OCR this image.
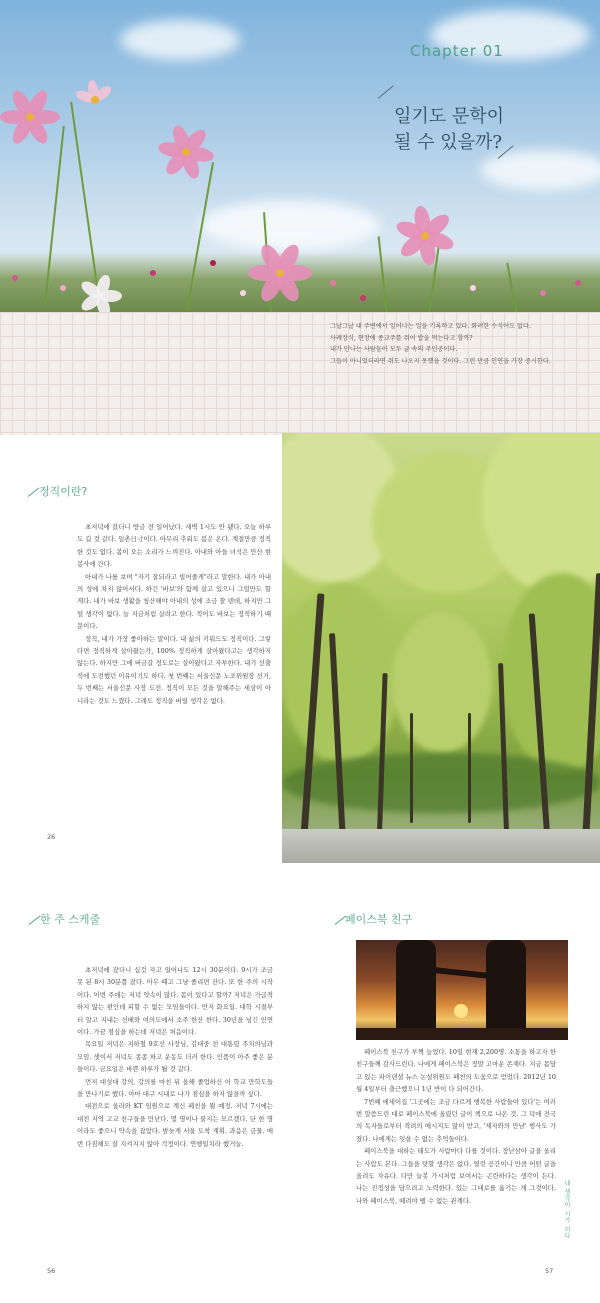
Chapter 01
일기도 문학이
될 수 있을까?
그날그날 내 주변에서 일어나는 일을 기록하고 있다. 화려한 수식어도 없다.
사례장식, 현장에 종교주를 쥐어 밥을 먹는다고 할까?
내가 만나는 사람들이 모두 글 속의 주인공이다.
그들이 아니었더라면 쥐도 나오지 못했을 것이다. 그런 만큼 인연을 가장 중시한다.
정직이란?

초저녁에 잤더니 방금 전 일어났다. 새벽 1시도 안 됐다. 오늘 하루도 길 것 같다. 일촌日寸이다. 아무리 추워도 봄은 온다. 계절만큼 정직한 것도 없다. 봄이 오는 소리가 느껴진다. 아내와 아들 녀석은 안산 현봉사에 간다.

아내가 나를 보며 "자기 잘되라고 빌어줄게"라고 말한다. 내가 아내의 성에 차지 않아서다. 하긴 '바보'와 함께 살고 있으니 그럴만도 할 게다. 내가 바보 생활을 청산해야 아내의 성에 조금 찰 텐데, 하지만 그럴 생각이 없다. 늘 지금처럼 살려고 한다. 적어도 바보는 정직하기 때문이다.

정직, 내가 가장 좋아하는 말이다. 내 삶의 키워드도 정직이다. 그렇다면 정직하게 살아왔는가, 100% 정직하게 살아왔다고는 생각하지 않는다. 하지만 그에 버금갈 정도로는 살아왔다고 자부한다. 내가 선출직에 도전했던 이유이기도 하다. 첫 번째는 서울신문 노조위원장 선거, 두 번째는 서울신문 사장 도전. 정직이 모든 것을 말해주는 세상이 아니라는 것도 느꼈다. 그래도 정직을 버릴 생각은 없다.

26
한 주 스케줄

초저녁에 잤더니 십것 자고 일어나도 12시 30분이다. 9시가 조금 못 된 8시 30분쯤 잤다. 아무 때고 그냥 졸리면 잔다. 또 한 주의 시작이다. 이번 주에는 저녁 약속이 많다. 몸이 있다고 할까? 저녁은 가급적 하지 않는 편인데 피할 수 없는 모임들이다. 먼저 화요일. 대학 시절부터 알고 지내는 선배와 여의도에서 소주 한잔 한다. 30년을 넘긴 인연이다. 가끔 점심을 하는데 저녁은 처음이다.

목요일 저녁은 지하철 9호선 사장님, 김대중 전 대통령 주치의님과 모임. 셋이서 저녁도 종종 하고 운동도 더러 한다. 인품이 아주 좋은 분들이다. 금요일은 바쁜 하루가 될 것 같다.

먼저 대성대 강의, 강의를 마친 뒤 올해 졸업하신 이 학교 만학도들을 만나기로 했다. 아마 대구 시내로 나가 점심을 하지 않을까 싶다.

대전으로 올라와 KT 임원으로 계신 페친을 뵐 예정. 저녁 7시에는 대전 지역 고교 친구들을 만난다. 몇 명이나 불지는 모르겠다. 단 한 명이라도 좋으니 약속을 잡았다. 밤늦게 서울 도착 계획. 과음은 금물. 매번 다짐해도 잘 지켜지지 않아 걱정이다. 연행일치라 했거늘.

56
페이스북 친구

페이스북 친구가 부쩍 늘었다. 10일 현재 2,200명. 소통을 하고자 한 친구들께 감사드린다. 나에게 페이스북은 정말 고마운 존재다. 지금 몸담고 있는 파이낸셜 뉴스 논설위원도 페친의 도움으로 얻었다. 2012년 10월 4일부터 출근했으니 1년 반이 다 되어간다.

7번째 에세이집 '그곳에는 조금 다르게 행복한 사람들이 있다'는 여러 번 말씀드린 대로 페이스북에 올렸던 글이 책으로 나온 것. 그 덕에 전국의 독자들로부터 격려의 메시지도 많이 받고, '제자와의 만남' 행사도 가졌다. 나에게는 잊을 수 없는 추억들이다.

페이스북을 대하는 태도가 사람마다 다를 것이다. 장난삼아 글을 올리는 사람도 본다. 그들을 탓할 생각은 없다. 열린 공간이니 만큼 어떤 글을 올려도 자유다. 다만 늘봇 가시처럼 보여서는 곤란하다는 생각이 든다. 나는 진정성을 담으려고 노력한다. 있는 그대로를 옮기는 게 그것이다. 나와 페이스북, 떼려야 뗄 수 없는 관계다.	내 생각이 시가 되다
57
